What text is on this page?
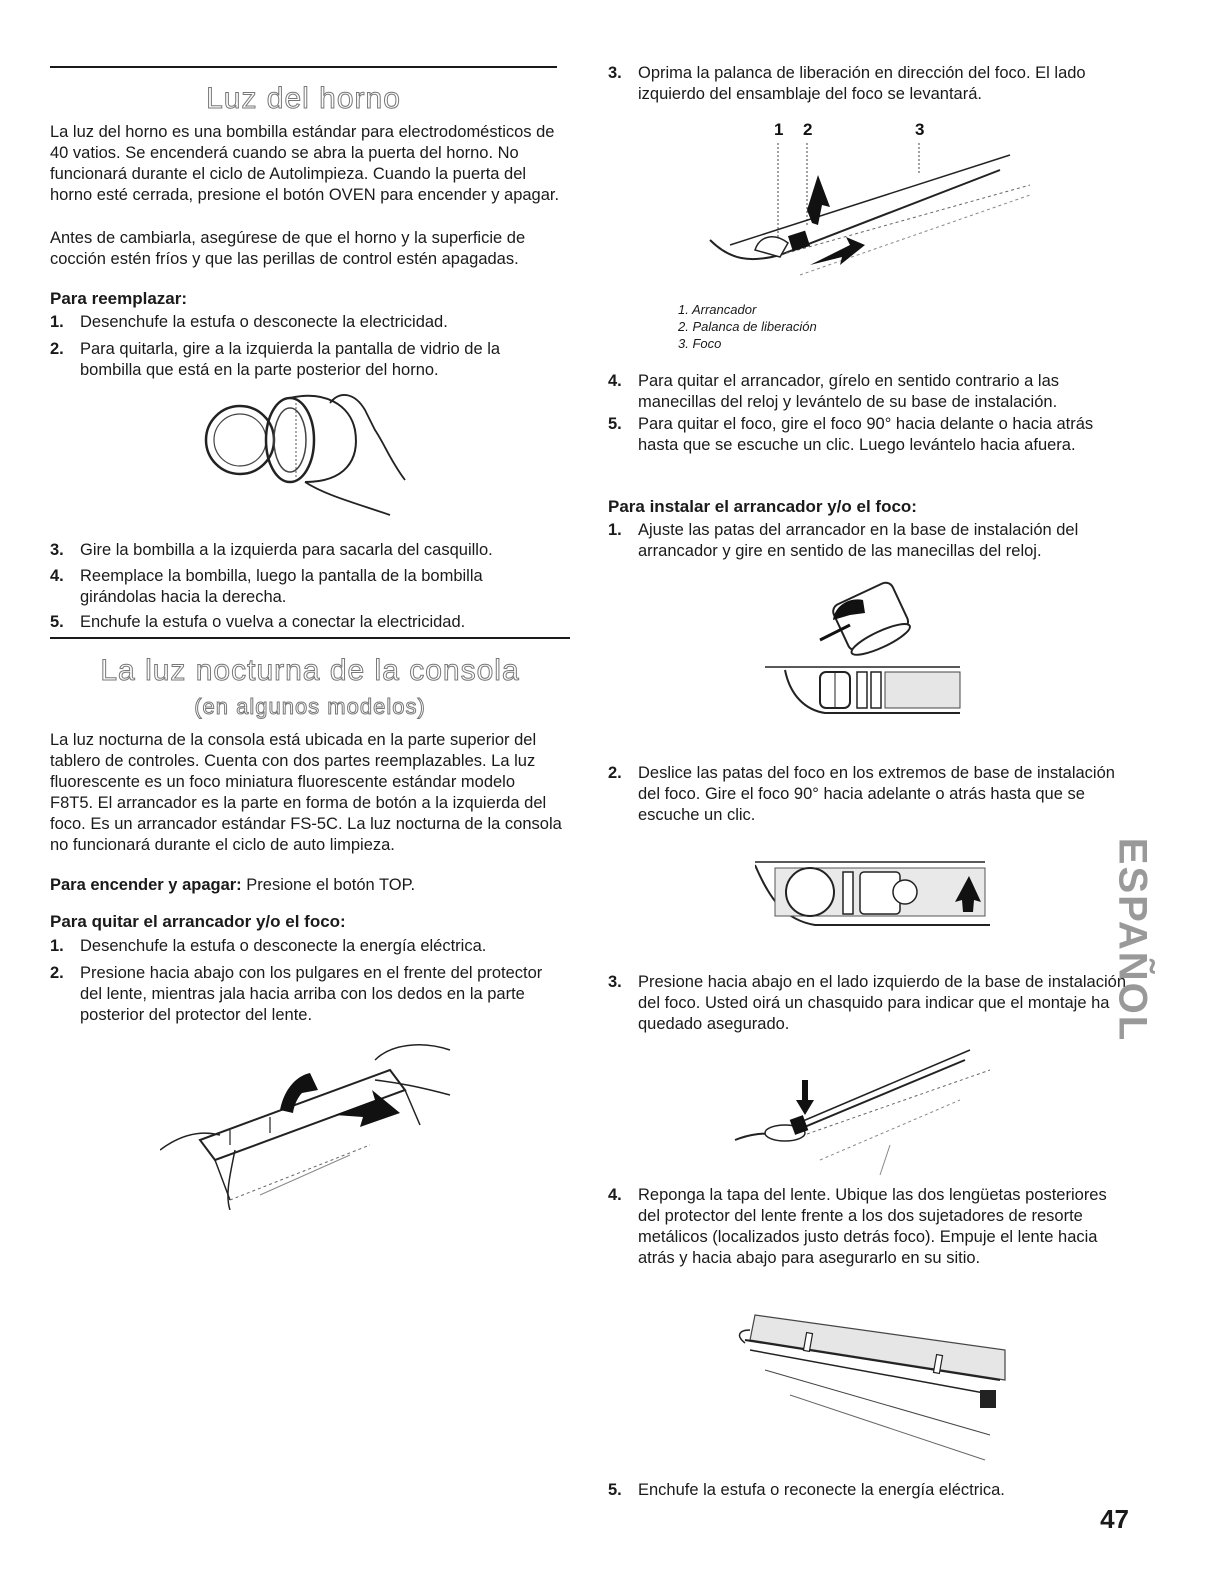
Luz del horno

La luz del horno es una bombilla estándar para electrodomésticos de 40 vatios. Se encenderá cuando se abra la puerta del horno. No funcionará durante el ciclo de Autolimpieza. Cuando la puerta del horno esté cerrada, presione el botón OVEN para encender y apagar.

Antes de cambiarla, asegúrese de que el horno y la superficie de cocción estén fríos y que las perillas de control estén apagadas.

Para reemplazar:
1. Desenchufe la estufa o desconecte la electricidad.
2. Para quitarla, gire a la izquierda la pantalla de vidrio de la bombilla que está en la parte posterior del horno.
3. Gire la bombilla a la izquierda para sacarla del casquillo.
4. Reemplace la bombilla, luego la pantalla de la bombilla girándolas hacia la derecha.
5. Enchufe la estufa o vuelva a conectar la electricidad.
La luz nocturna de la consola
(en algunos modelos)

La luz nocturna de la consola está ubicada en la parte superior del tablero de controles. Cuenta con dos partes reemplazables. La luz fluorescente es un foco miniatura fluorescente estándar modelo F8T5. El arrancador es la parte en forma de botón a la izquierda del foco. Es un arrancador estándar FS-5C. La luz nocturna de la consola no funcionará durante el ciclo de auto limpieza.

Para encender y apagar: Presione el botón TOP.

Para quitar el arrancador y/o el foco:
1. Desenchufe la estufa o desconecte la energía eléctrica.
2. Presione hacia abajo con los pulgares en el frente del protector del lente, mientras jala hacia arriba con los dedos en la parte posterior del protector del lente.
3. Oprima la palanca de liberación en dirección del foco. El lado izquierdo del ensamblaje del foco se levantará.
1 2	3
1. Arrancador
2. Palanca de liberación
3. Foco
4. Para quitar el arrancador, gírelo en sentido contrario a las manecillas del reloj y levántelo de su base de instalación.
5. Para quitar el foco, gire el foco 90° hacia delante o hacia atrás hasta que se escuche un clic. Luego levántelo hacia afuera.
Para instalar el arrancador y/o el foco:
1. Ajuste las patas del arrancador en la base de instalación del arrancador y gire en sentido de las manecillas del reloj.
2. Deslice las patas del foco en los extremos de base de instalación del foco. Gire el foco 90° hacia adelante o atrás hasta que se escuche un clic.
3. Presione hacia abajo en el lado izquierdo de la base de instalación del foco. Usted oirá un chasquido para indicar que el montaje ha quedado asegurado.
4. Reponga la tapa del lente. Ubique las dos lengüetas posteriores del protector del lente frente a los dos sujetadores de resorte metálicos (localizados justo detrás foco). Empuje el lente hacia atrás y hacia abajo para asegurarlo en su sitio.
5. Enchufe la estufa o reconecte la energía eléctrica.
ESPAÑOL
47
